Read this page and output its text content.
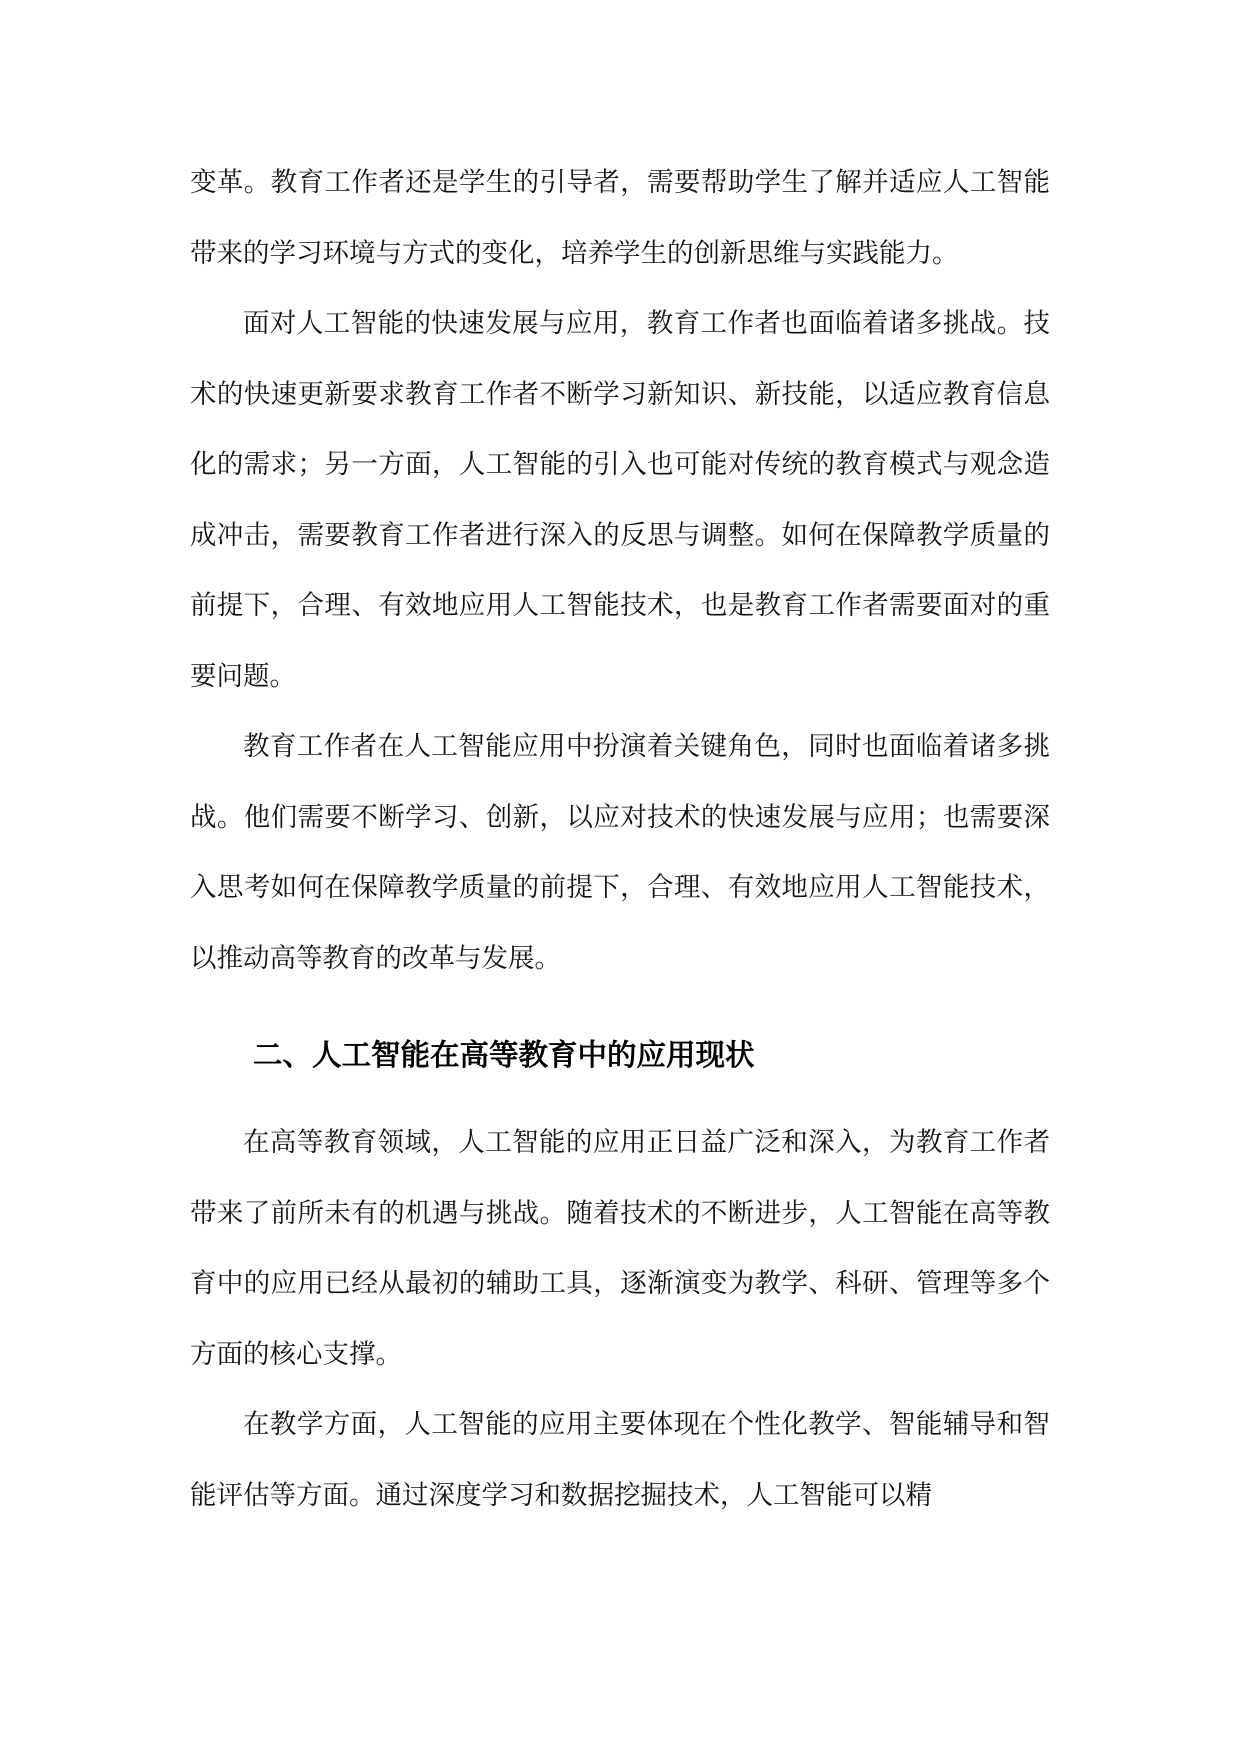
变革。教育工作者还是学生的引导者，需要帮助学生了解并适应人工智能带来的学习环境与方式的变化，培养学生的创新思维与实践能力。

面对人工智能的快速发展与应用，教育工作者也面临着诸多挑战。技术的快速更新要求教育工作者不断学习新知识、新技能，以适应教育信息化的需求；另一方面，人工智能的引入也可能对传统的教育模式与观念造成冲击，需要教育工作者进行深入的反思与调整。如何在保障教学质量的前提下，合理、有效地应用人工智能技术，也是教育工作者需要面对的重要问题。

教育工作者在人工智能应用中扮演着关键角色，同时也面临着诸多挑战。他们需要不断学习、创新，以应对技术的快速发展与应用；也需要深入思考如何在保障教学质量的前提下，合理、有效地应用人工智能技术，以推动高等教育的改革与发展。

二、人工智能在高等教育中的应用现状

在高等教育领域，人工智能的应用正日益广泛和深入，为教育工作者带来了前所未有的机遇与挑战。随着技术的不断进步，人工智能在高等教育中的应用已经从最初的辅助工具，逐渐演变为教学、科研、管理等多个方面的核心支撑。

在教学方面，人工智能的应用主要体现在个性化教学、智能辅导和智能评估等方面。通过深度学习和数据挖掘技术，人工智能可以精
